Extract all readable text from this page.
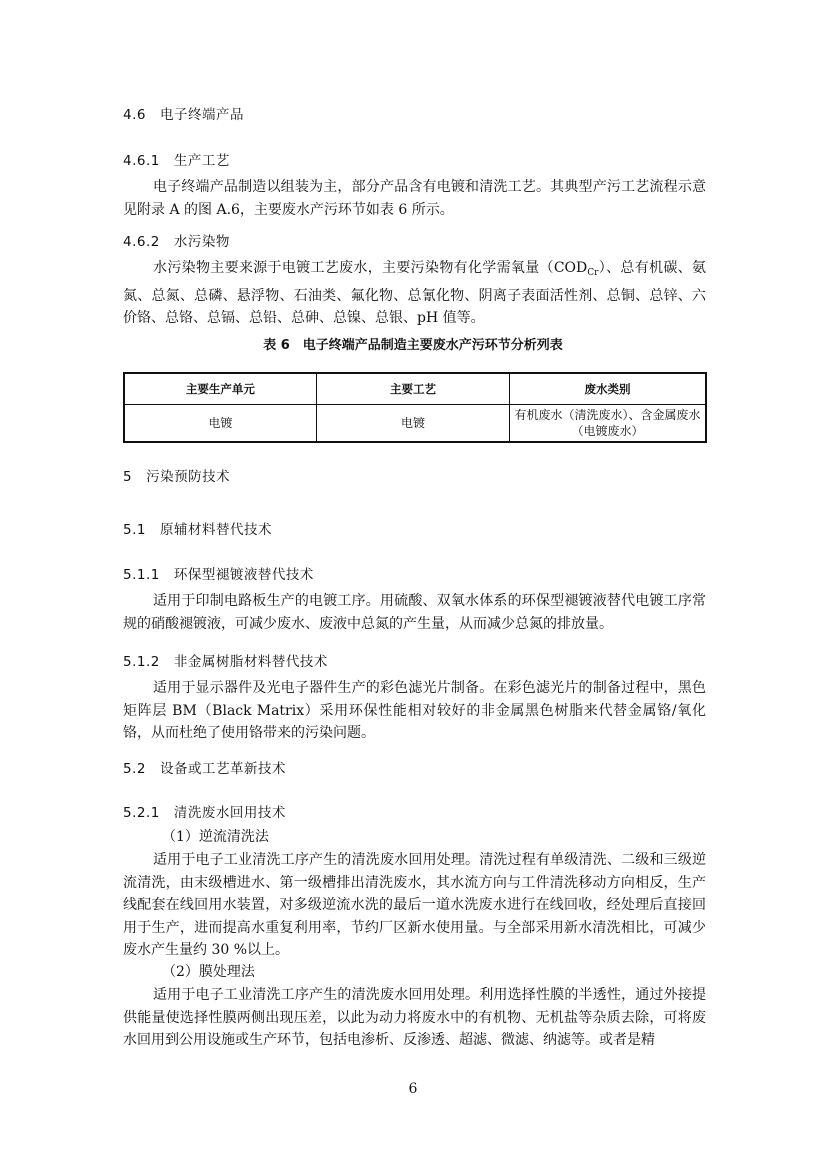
4.6 电子终端产品
4.6.1 生产工艺

电子终端产品制造以组装为主，部分产品含有电镀和清洗工艺。其典型产污工艺流程示意见附录 A 的图 A.6，主要废水产污环节如表 6 所示。

4.6.2 水污染物

水污染物主要来源于电镀工艺废水，主要污染物有化学需氧量$(COD_{Cr})$、总有机碳、氨氮、总氮、总磷、悬浮物、石油类、氟化物、总氰化物、阴离子表面活性剂、总铜、总锌、六价铬、总铬、总镉、总铅、总砷、总镍、总银、pH 值等。

表 6　电子终端产品制造主要废水产污环节分析列表
主要生产单元	主要工艺	废水类别
电镀	电镀	有机废水（清洗废水）、含金属废水（电镀废水）
5 污染预防技术
5.1 原辅材料替代技术
5.1.1 环保型褪镀液替代技术

适用于印制电路板生产的电镀工序。用硫酸、双氧水体系的环保型褪镀液替代电镀工序常规的硝酸褪镀液，可减少废水、废液中总氮的产生量，从而减少总氮的排放量。

5.1.2 非金属树脂材料替代技术

适用于显示器件及光电子器件生产的彩色滤光片制备。在彩色滤光片的制备过程中，黑色矩阵层 BM（Black Matrix）采用环保性能相对较好的非金属黑色树脂来代替金属铬/氧化铬，从而杜绝了使用铬带来的污染问题。

5.2 设备或工艺革新技术
5.2.1 清洗废水回用技术
（1）逆流清洗法

适用于电子工业清洗工序产生的清洗废水回用处理。清洗过程有单级清洗、二级和三级逆流清洗，由末级槽进水、第一级槽排出清洗废水，其水流方向与工件清洗移动方向相反，生产线配套在线回用水装置，对多级逆流水洗的最后一道水洗废水进行在线回收，经处理后直接回用于生产，进而提高水重复利用率，节约厂区新水使用量。与全部采用新水清洗相比，可减少废水产生量约 30 %以上。

（2）膜处理法

适用于电子工业清洗工序产生的清洗废水回用处理。利用选择性膜的半透性，通过外接提供能量使选择性膜两侧出现压差，以此为动力将废水中的有机物、无机盐等杂质去除，可将废水回用到公用设施或生产环节，包括电渗析、反渗透、超滤、微滤、纳滤等。或者是精

6
